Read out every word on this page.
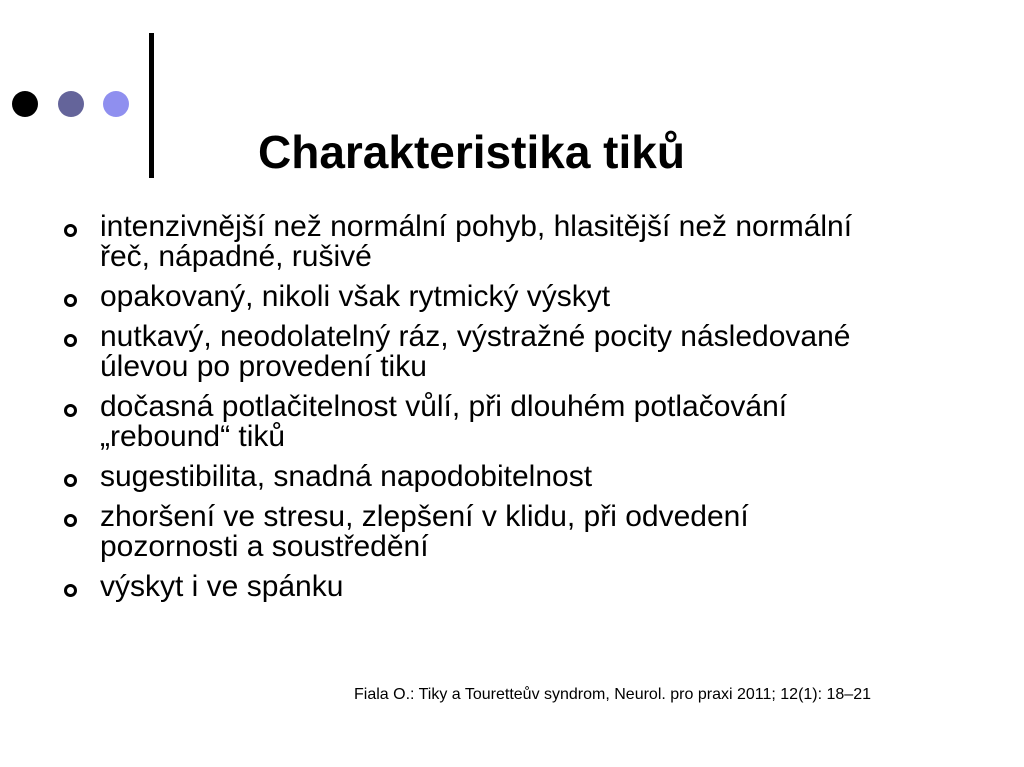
Charakteristika tiků
intenzivnější než normální pohyb, hlasitější než normální
řeč, nápadné, rušivé
opakovaný, nikoli však rytmický výskyt
nutkavý, neodolatelný ráz, výstražné pocity následované
úlevou po provedení tiku
dočasná potlačitelnost vůlí, při dlouhém potlačování
„rebound“ tiků
sugestibilita, snadná napodobitelnost
zhoršení ve stresu, zlepšení v klidu, při odvedení
pozornosti a soustředění
výskyt i ve spánku
Fiala O.: Tiky a Touretteův syndrom, Neurol. pro praxi 2011; 12(1): 18–21
